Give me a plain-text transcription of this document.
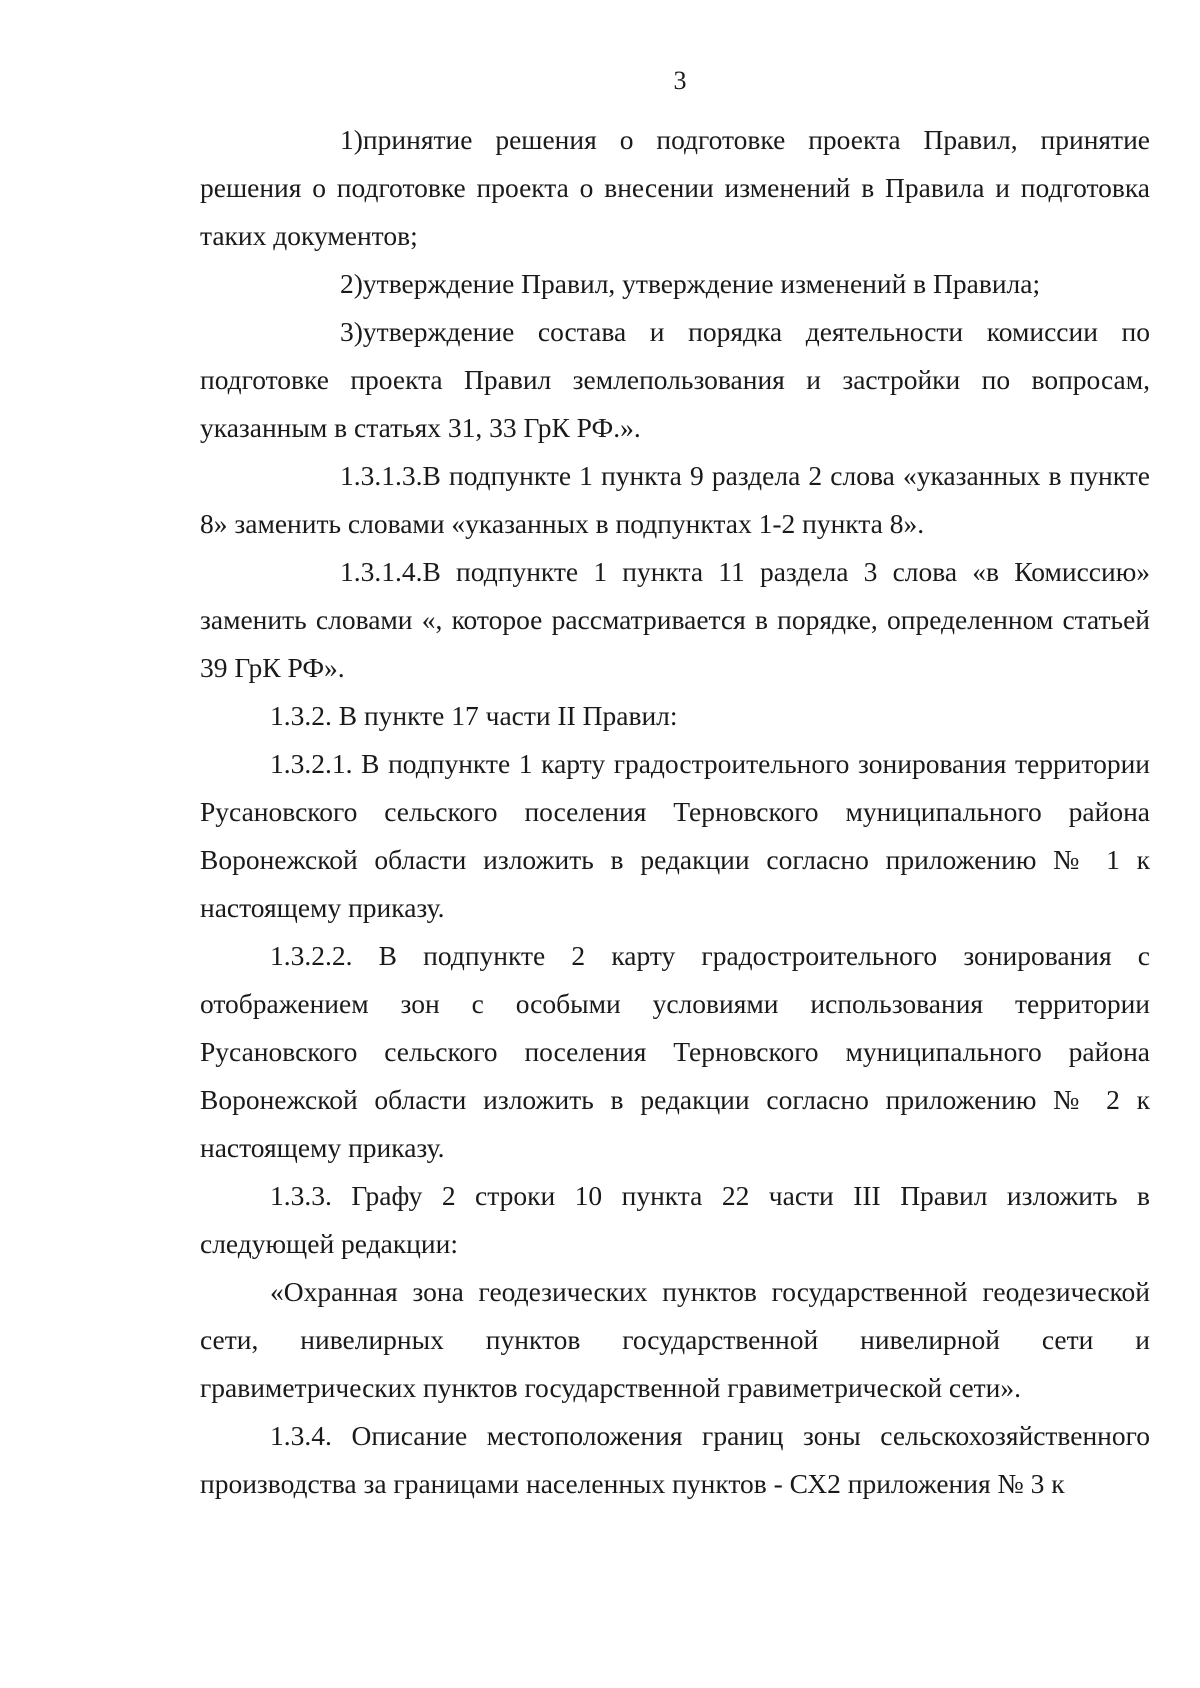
3

1)принятие решения о подготовке проекта Правил, принятие решения о подготовке проекта о внесении изменений в Правила и подготовка таких документов;

2)утверждение Правил, утверждение изменений в Правила;

3)утверждение состава и порядка деятельности комиссии по подготовке проекта Правил землепользования и застройки по вопросам, указанным в статьях 31, 33 ГрК РФ.».

1.3.1.3.В подпункте 1 пункта 9 раздела 2 слова «указанных в пункте 8» заменить словами «указанных в подпунктах 1-2 пункта 8».

1.3.1.4.В подпункте 1 пункта 11 раздела 3 слова «в Комиссию» заменить словами «, которое рассматривается в порядке, определенном статьей 39 ГрК РФ».

1.3.2. В пункте 17 части II Правил:

1.3.2.1. В подпункте 1 карту градостроительного зонирования территории Русановского сельского поселения Терновского муниципального района Воронежской области изложить в редакции согласно приложению № 1 к настоящему приказу.

1.3.2.2. В подпункте 2 карту градостроительного зонирования с отображением зон с особыми условиями использования территории Русановского сельского поселения Терновского муниципального района Воронежской области изложить в редакции согласно приложению № 2 к настоящему приказу.

1.3.3. Графу 2 строки 10 пункта 22 части III Правил изложить в следующей редакции:

«Охранная зона геодезических пунктов государственной геодезической сети, нивелирных пунктов государственной нивелирной сети и гравиметрических пунктов государственной гравиметрической сети».

1.3.4. Описание местоположения границ зоны сельскохозяйственного производства за границами населенных пунктов - СХ2 приложения № 3 к
